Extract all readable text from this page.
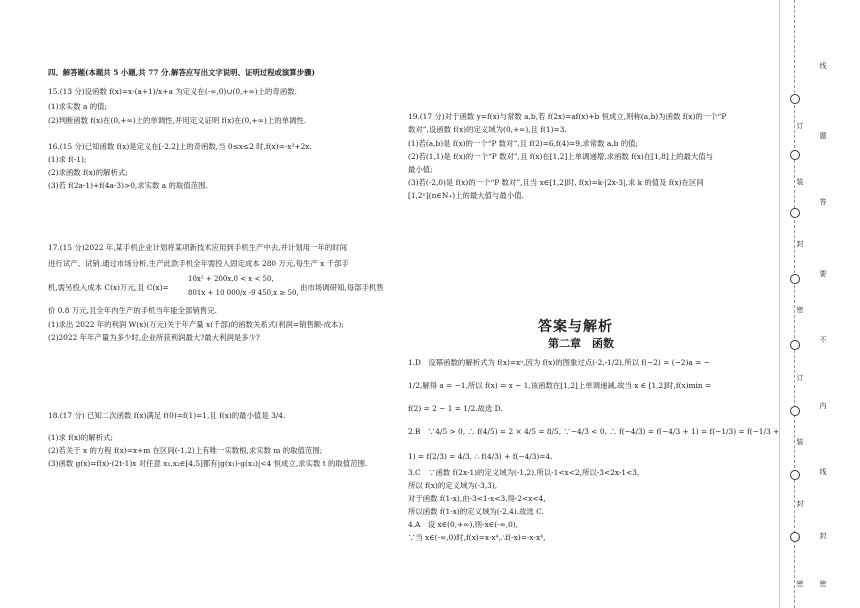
四、解答题(本题共 5 小题,共 77 分.解答应写出文字说明、证明过程或演算步骤)
15.(13 分)设函数 f(x)=x-(a+1)/x+a 为定义在(-∞,0)∪(0,+∞)上的奇函数.
(1)求实数 a 的值;
(2)判断函数 f(x)在(0,+∞)上的单调性,并用定义证明 f(x)在(0,+∞)上的单调性.
16.(15 分)已知函数 f(x)是定义在[-2,2]上的奇函数,当 0≤x≤2 时,f(x)=-x²+2x.
(1)求 f(-1);
(2)求函数 f(x)的解析式;
(3)若 f(2a-1)+f(4a-3)>0,求实数 a 的取值范围.
17.(15 分)2022 年,某手机企业计划将某项新技术应用到手机生产中去,并计划用一年的时间
进行试产、试销.通过市场分析,生产此款手机全年需投入固定成本 280 万元,每生产 x 千部手
机,需另投入成本 C(x)万元,且 C(x)=
10x² + 200x,0 < x < 50,
801x + 10 000/x -9 450,x ≥ 50,
由市场调研知,每部手机售
价 0.8 万元,且全年内生产的手机当年能全部销售完.
(1)求出 2022 年的利润 W(x)(万元)关于年产量 x(千部)的函数关系式(利润=销售额-成本);
(2)2022 年年产量为多少时,企业所获利润最大?最大利润是多少?
18.(17 分) 已知二次函数 f(x)满足 f(0)=f(1)=1,且 f(x)的最小值是 3/4.
(1)求 f(x)的解析式;
(2)若关于 x 的方程 f(x)=x+m 在区间(-1,2)上有唯一实数根,求实数 m 的取值范围;
(3)函数 g(x)=f(x)-(2t-1)x 对任意 x₁,x₂∈[4,5]都有|g(x₁)-g(x₂)|<4 恒成立,求实数 t 的取值范围.
19.(17 分)对于函数 y=f(x)与常数 a,b,若 f(2x)=af(x)+b 恒成立,则称(a,b)为函数 f(x)的一个“P
数对”,设函数 f(x)的定义域为(0,+∞),且 f(1)=3.
(1)若(a,b)是 f(x)的一个“P 数对”,且 f(2)=6,f(4)=9,求常数 a,b 的值;
(2)若(1,1)是 f(x)的一个“P 数对”,且 f(x)在[1,2]上单调递增,求函数 f(x)在[1,8]上的最大值与
最小值;
(3)若(-2,0)是 f(x)的一个“P 数对”,且当 x∈[1,2]时, f(x)=k-|2x-3|,求 k 的值及 f(x)在区间
[1,2ⁿ](n∈N₊)上的最大值与最小值.
答案与解析
第二章　函数
1.D　设幂函数的解析式为 f(x)=xᵃ,因为 f(x)的图象过点(-2,-1/2),所以 f(−2) = (−2)a = −
1/2,解得 a = −1,所以 f(x) = x − 1,该函数在[1,2]上单调递减,故当 x ∈ [1,2]时,f(x)min =
f(2) = 2 − 1 = 1/2.故选 D.
2.B　∵4/5 > 0, ∴ f(4/5) = 2 × 4/5 = 8/5, ∵−4/3 < 0, ∴ f(−4/3) = f(−4/3 + 1) = f(−1/3) = f(−1/3 +
1) = f(2/3) = 4/3, ∴ f(4/3) + f(−4/3)=4.
3.C　∵函数 f(2x-1)的定义域为(-1,2),所以-1<x<2,所以-3<2x-1<3,
所以 f(x)的定义域为(-3,3),
对于函数 f(1-x),由-3<1-x<3,得-2<x<4,
所以函数 f(1-x)的定义域为(-2,4).故选 C.
4.A　设 x∈(0,+∞),则-x∈(-∞,0),
∵当 x∈(-∞,0)时,f(x)=x-x⁴,∴f(-x)=-x-x⁴,
线
题
答
要
不
内
线
封
密
订
装
封
密
订
装
封
密
